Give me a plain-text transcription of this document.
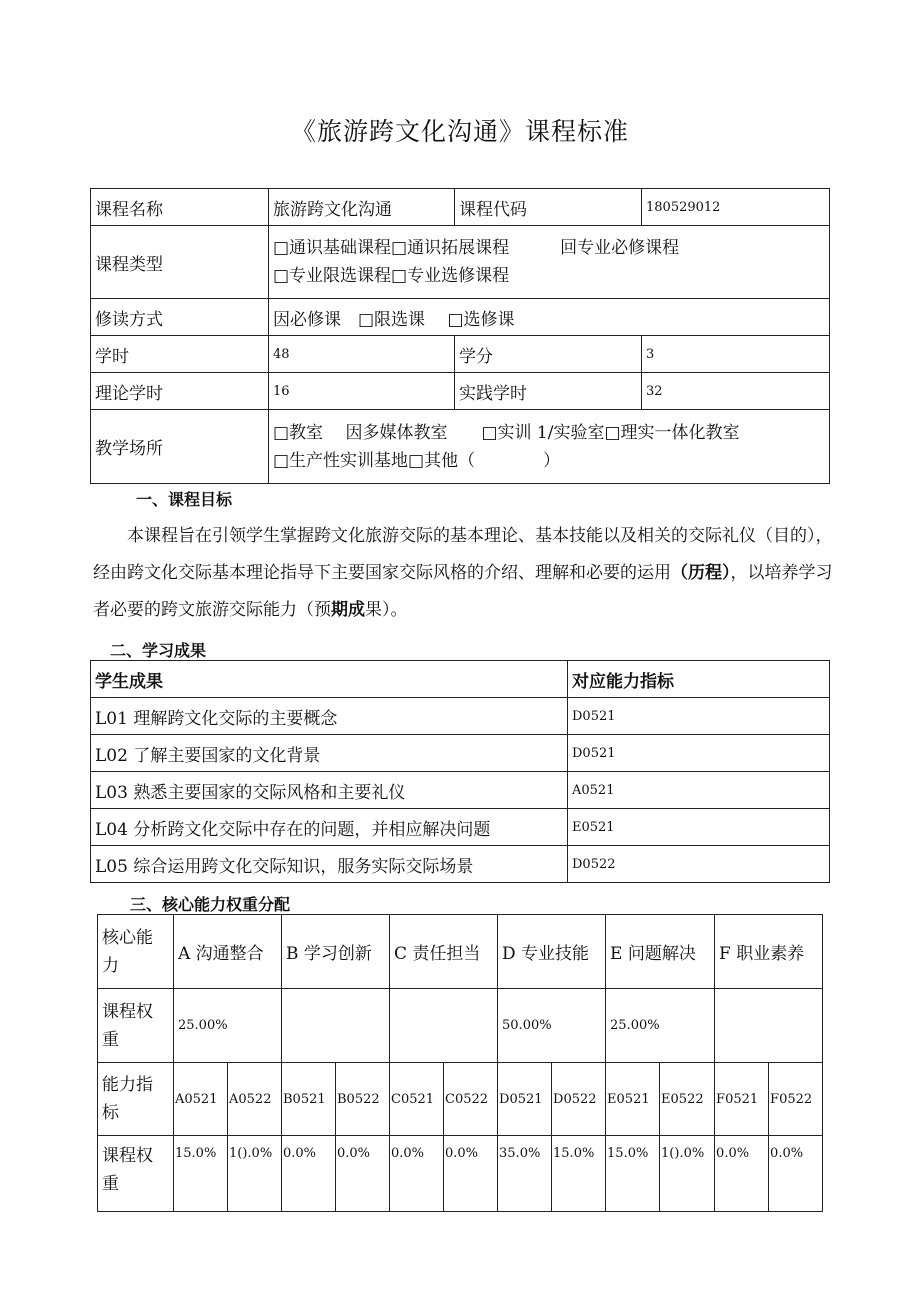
《旅游跨文化沟通》课程标准
课程名称	旅游跨文化沟通	课程代码	180529012
课程类型	□通识基础课程□通识拓展课程　　　回专业必修课程
□专业限选课程□专业选修课程		

修读方式	因必修课　□限选课　 □选修课		
学时	48	学分	3
理论学时	16	实践学时	32
教学场所	□教室　 因多媒体教室　　□实训 1/实验室□理实一体化教室
□生产性实训基地□其他（　　　　）		
一、课程目标
本课程旨在引领学生掌握跨文化旅游交际的基本理论、基本技能以及相关的交际礼仪（目的），经由跨文化交际基本理论指导下主要国家交际风格的介绍、理解和必要的运用（历程），以培养学习者必要的跨文旅游交际能力（预期成果）。
二、学习成果
学生成果	对应能力指标
L01 理解跨文化交际的主要概念	D0521
L02 了解主要国家的文化背景	D0521
L03 熟悉主要国家的交际风格和主要礼仪	A0521
L04 分析跨文化交际中存在的问题，并相应解决问题	E0521
L05 综合运用跨文化交际知识，服务实际交际场景	D0522
三、核心能力权重分配
核心能力	A 沟通整合		B 学习创新		C 责任担当		D 专业技能		E 问题解决		F 职业素养	
课程权重	25.00%						50.00%		25.00%			
能力指标	A0521	A0522	B0521	B0522	C0521	C0522	D0521	D0522	E0521	E0522	F0521	F0522
课程权重	15.0%	1().0%	0.0%	0.0%	0.0%	0.0%	35.0%	15.0%	15.0%	1().0%	0.0%	0.0%
